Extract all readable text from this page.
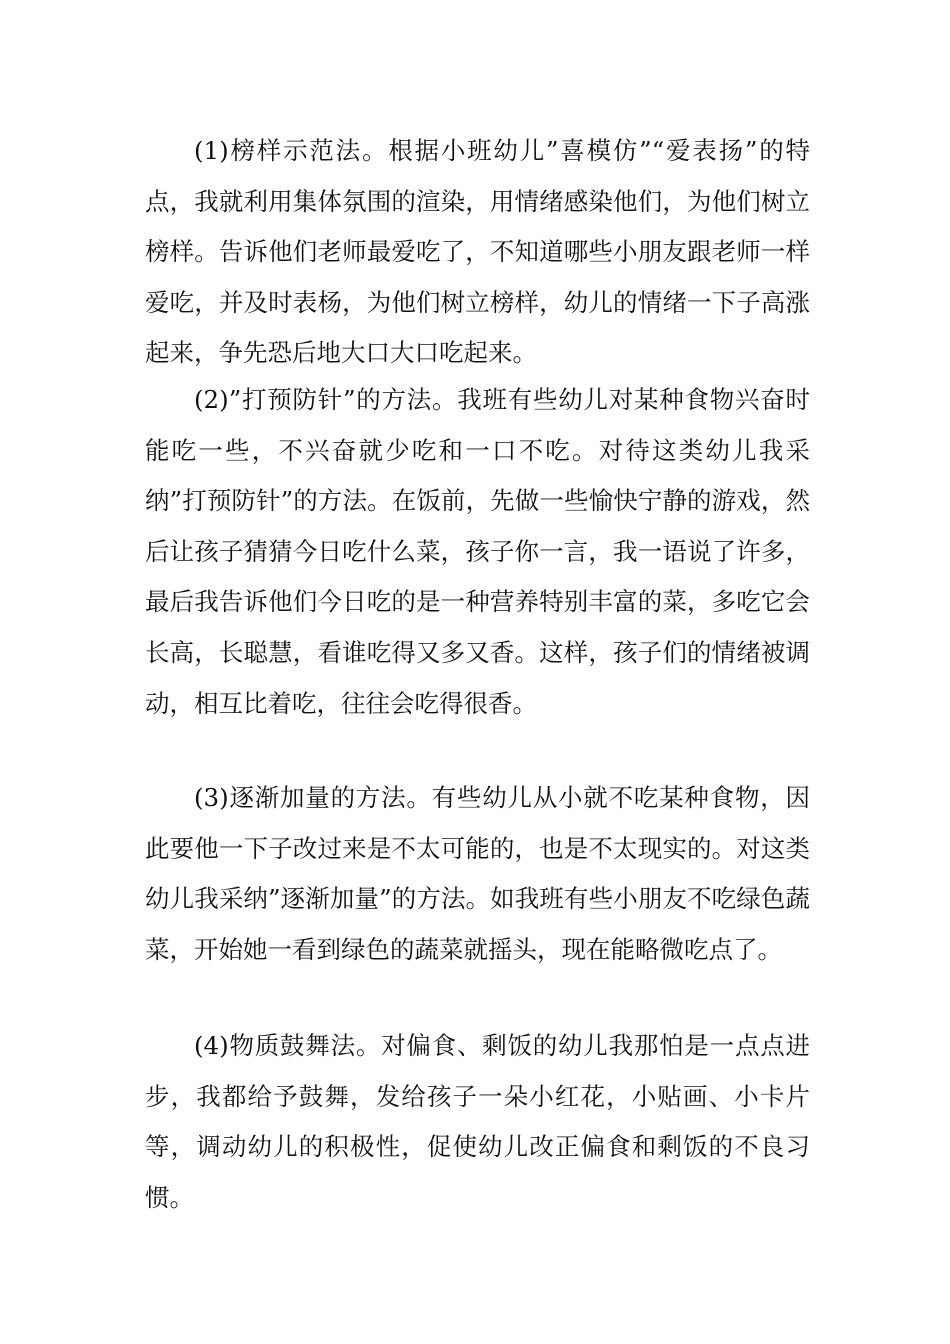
(1)榜样示范法。根据小班幼儿”喜模仿”“爱表扬”的特点，我就利用集体氛围的渲染，用情绪感染他们，为他们树立榜样。告诉他们老师最爱吃了，不知道哪些小朋友跟老师一样爱吃，并及时表杨，为他们树立榜样，幼儿的情绪一下子高涨起来，争先恐后地大口大口吃起来。

(2)”打预防针”的方法。我班有些幼儿对某种食物兴奋时能吃一些，不兴奋就少吃和一口不吃。对待这类幼儿我采纳”打预防针”的方法。在饭前，先做一些愉快宁静的游戏，然后让孩子猜猜今日吃什么菜，孩子你一言，我一语说了许多，最后我告诉他们今日吃的是一种营养特别丰富的菜，多吃它会长高，长聪慧，看谁吃得又多又香。这样，孩子们的情绪被调动，相互比着吃，往往会吃得很香。

(3)逐渐加量的方法。有些幼儿从小就不吃某种食物，因此要他一下子改过来是不太可能的，也是不太现实的。对这类幼儿我采纳”逐渐加量”的方法。如我班有些小朋友不吃绿色蔬菜，开始她一看到绿色的蔬菜就摇头，现在能略微吃点了。

(4)物质鼓舞法。对偏食、剩饭的幼儿我那怕是一点点进步，我都给予鼓舞，发给孩子一朵小红花，小贴画、小卡片等，调动幼儿的积极性，促使幼儿改正偏食和剩饭的不良习惯。
